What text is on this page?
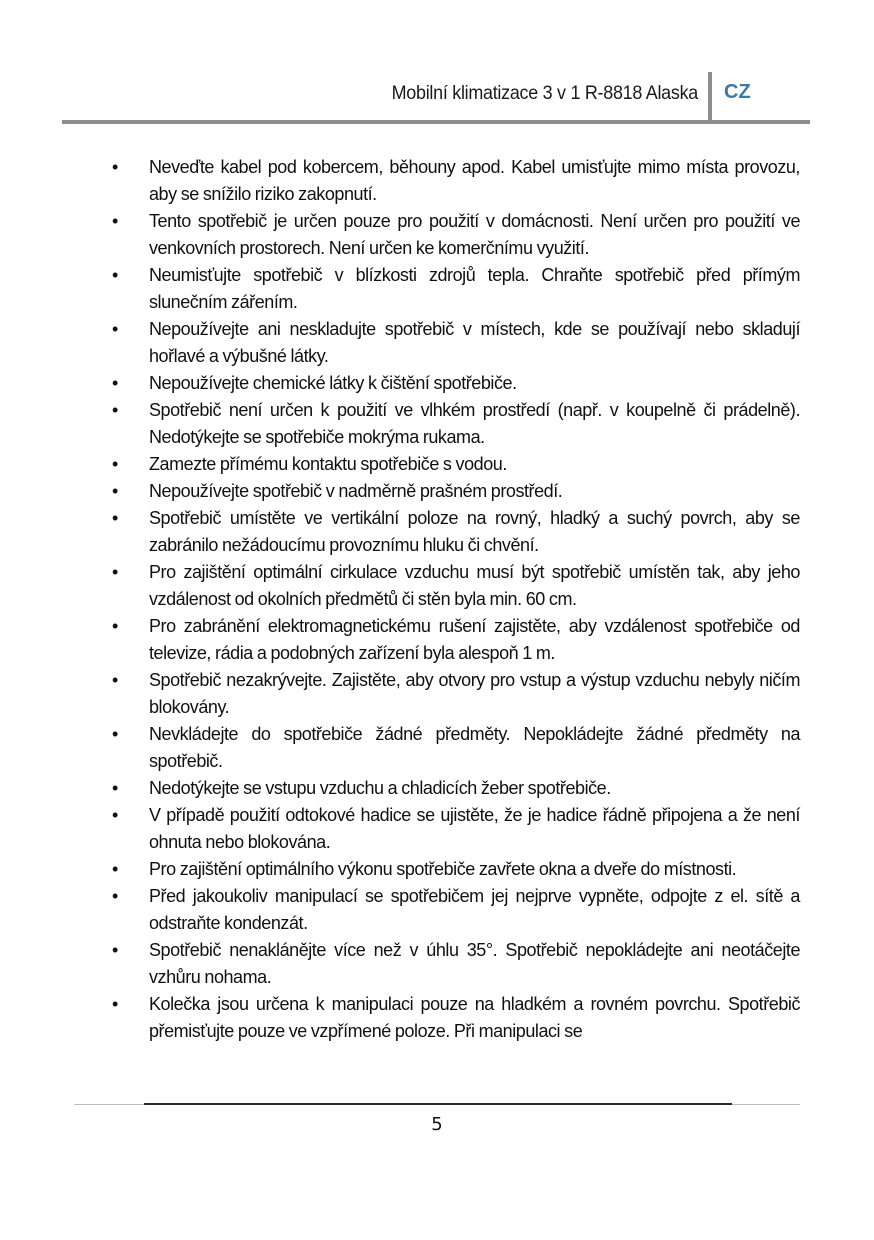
Mobilní klimatizace 3 v 1 R-8818 Alaska CZ
• Neveďte kabel pod kobercem, běhouny apod. Kabel umisťujte mimo místa provozu, aby se snížilo riziko zakopnutí.
• Tento spotřebič je určen pouze pro použití v domácnosti. Není určen pro použití ve venkovních prostorech. Není určen ke komerčnímu využití.
• Neumisťujte spotřebič v blízkosti zdrojů tepla. Chraňte spotřebič před přímým slunečním zářením.
• Nepoužívejte ani neskladujte spotřebič v místech, kde se používají nebo skladují hořlavé a výbušné látky.
• Nepoužívejte chemické látky k čištění spotřebiče.
• Spotřebič není určen k použití ve vlhkém prostředí (např. v koupelně či prádelně). Nedotýkejte se spotřebiče mokrýma rukama.
• Zamezte přímému kontaktu spotřebiče s vodou.
• Nepoužívejte spotřebič v nadměrně prašném prostředí.
• Spotřebič umístěte ve vertikální poloze na rovný, hladký a suchý povrch, aby se zabránilo nežádoucímu provoznímu hluku či chvění.
• Pro zajištění optimální cirkulace vzduchu musí být spotřebič umístěn tak, aby jeho vzdálenost od okolních předmětů či stěn byla min. 60 cm.
• Pro zabránění elektromagnetickému rušení zajistěte, aby vzdálenost spotřebiče od televize, rádia a podobných zařízení byla alespoň 1 m.
• Spotřebič nezakrývejte. Zajistěte, aby otvory pro vstup a výstup vzduchu nebyly ničím blokovány.
• Nevkládejte do spotřebiče žádné předměty. Nepokládejte žádné předměty na spotřebič.
• Nedotýkejte se vstupu vzduchu a chladicích žeber spotřebiče.
• V případě použití odtokové hadice se ujistěte, že je hadice řádně připojena a že není ohnuta nebo blokována.
• Pro zajištění optimálního výkonu spotřebiče zavřete okna a dveře do místnosti.
• Před jakoukoliv manipulací se spotřebičem jej nejprve vypněte, odpojte z el. sítě a odstraňte kondenzát.
• Spotřebič nenaklánějte více než v úhlu 35°. Spotřebič nepokládejte ani neotáčejte vzhůru nohama.
• Kolečka jsou určena k manipulaci pouze na hladkém a rovném povrchu. Spotřebič přemisťujte pouze ve vzpřímené poloze. Při manipulaci se
5
